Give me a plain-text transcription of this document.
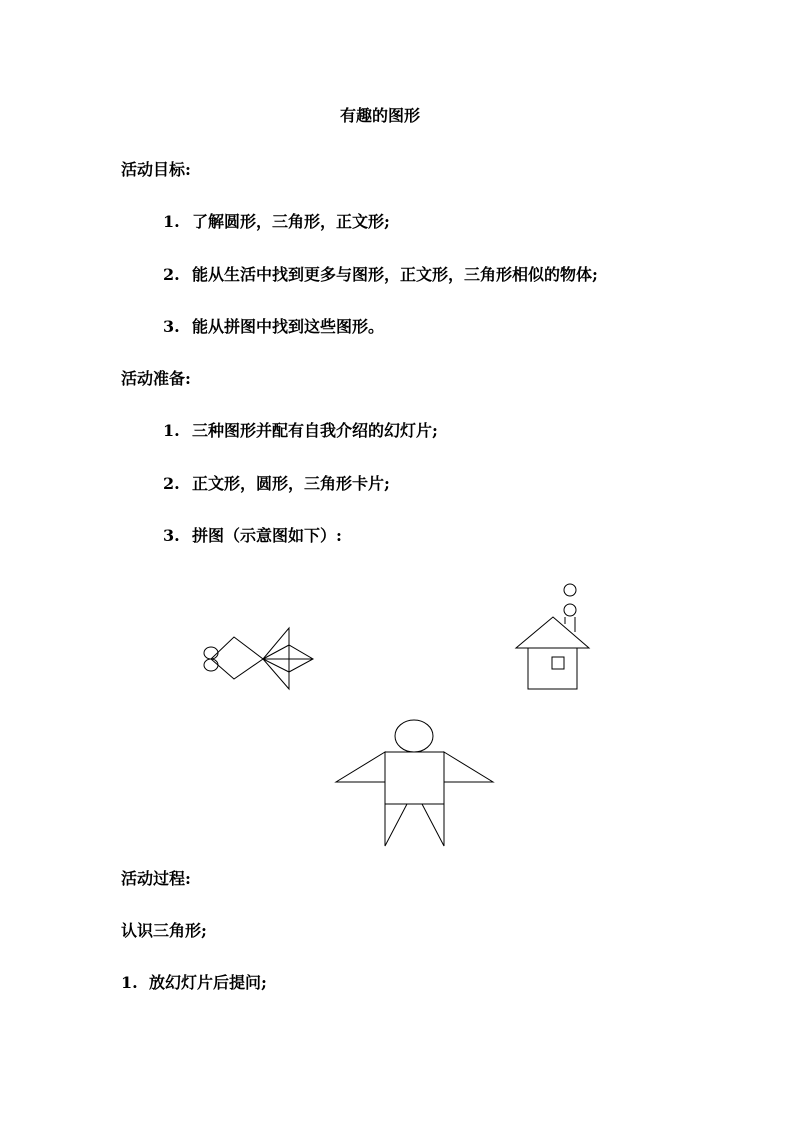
有趣的图形
活动目标:
1. 了解圆形，三角形，正文形;
2. 能从生活中找到更多与图形，正文形，三角形相似的物体;
3. 能从拼图中找到这些图形。
活动准备:
1. 三种图形并配有自我介绍的幻灯片;
2. 正文形，圆形，三角形卡片;
3. 拼图（示意图如下）:
活动过程:
认识三角形;
1. 放幻灯片后提问;
